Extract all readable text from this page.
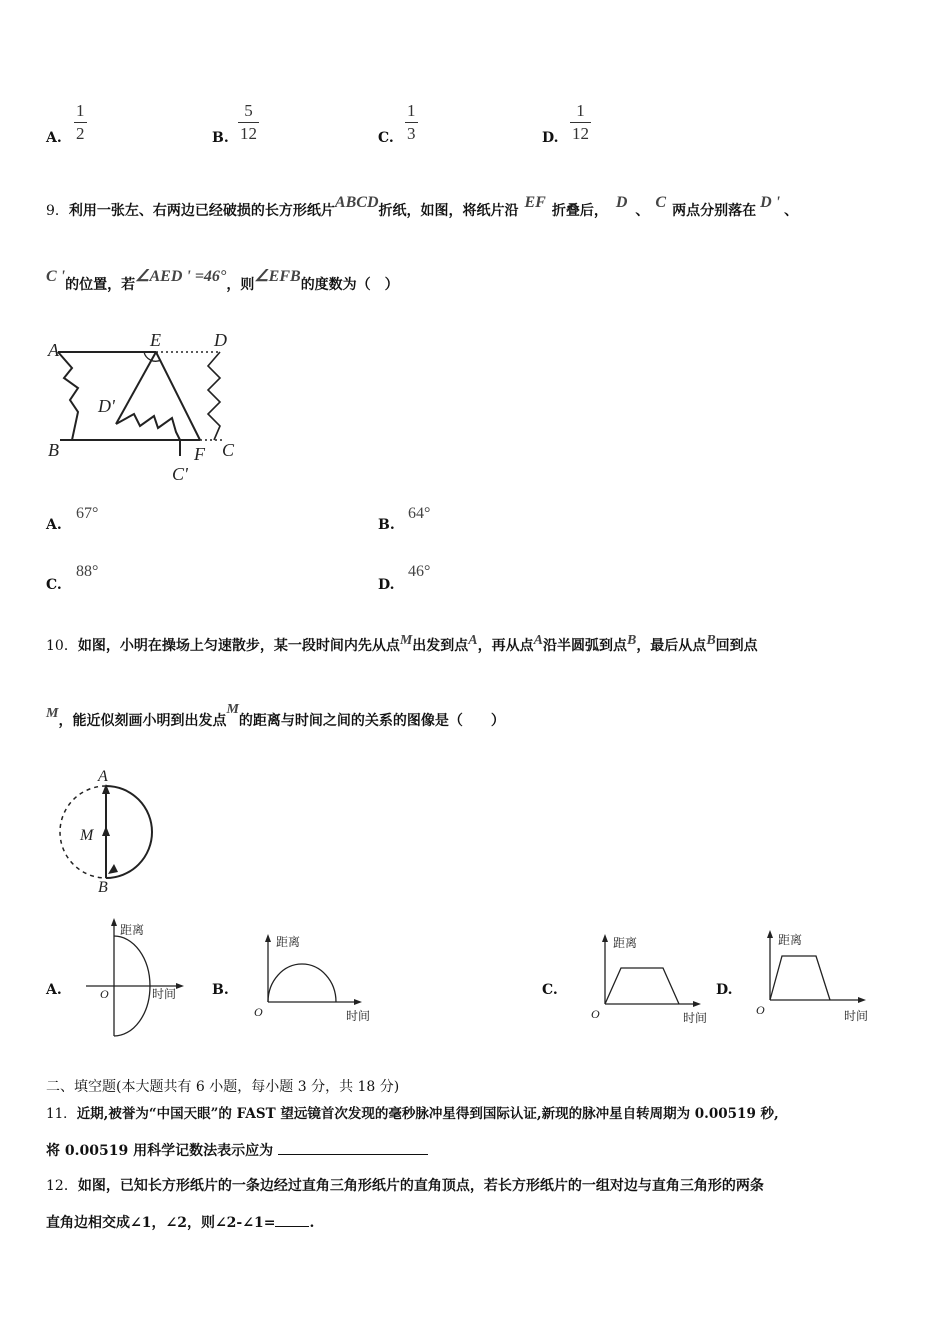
A.
1
2	B.
5
12	C.
1
3	D.
1
12
9．利用一张左、右两边已经破损的长方形纸片ABCD折纸，如图，将纸片沿 EF 折叠后， D 、 C 两点分别落在 D ' 、
C '的位置，若∠AED ' =46°，则∠EFB的度数为（　）
A	E	D
D'
B	F C
C'
A.
67°
B.
64°
C.
88°
D.
46°
10．如图，小明在操场上匀速散步，某一段时间内先从点M出发到点A，再从点A沿半圆弧到点B，最后从点B回到点
M，能近似刻画小明到出发点M的距离与时间之间的关系的图像是（　　）
A
M
B
A.
距离
O	时间	B.
距离
O	时间
C.
距离
O	时间
D.
距离
O	时间
二、填空题(本大题共有 6 小题，每小题 3 分，共 18 分)
11．近期,被誉为“中国天眼”的 FAST 望远镜首次发现的毫秒脉冲星得到国际认证,新现的脉冲星自转周期为 0.00519 秒,
将 0.00519 用科学记数法表示应为
12．如图，已知长方形纸片的一条边经过直角三角形纸片的直角顶点，若长方形纸片的一组对边与直角三角形的两条
直角边相交成∠1，∠2，则∠2-∠1= .
